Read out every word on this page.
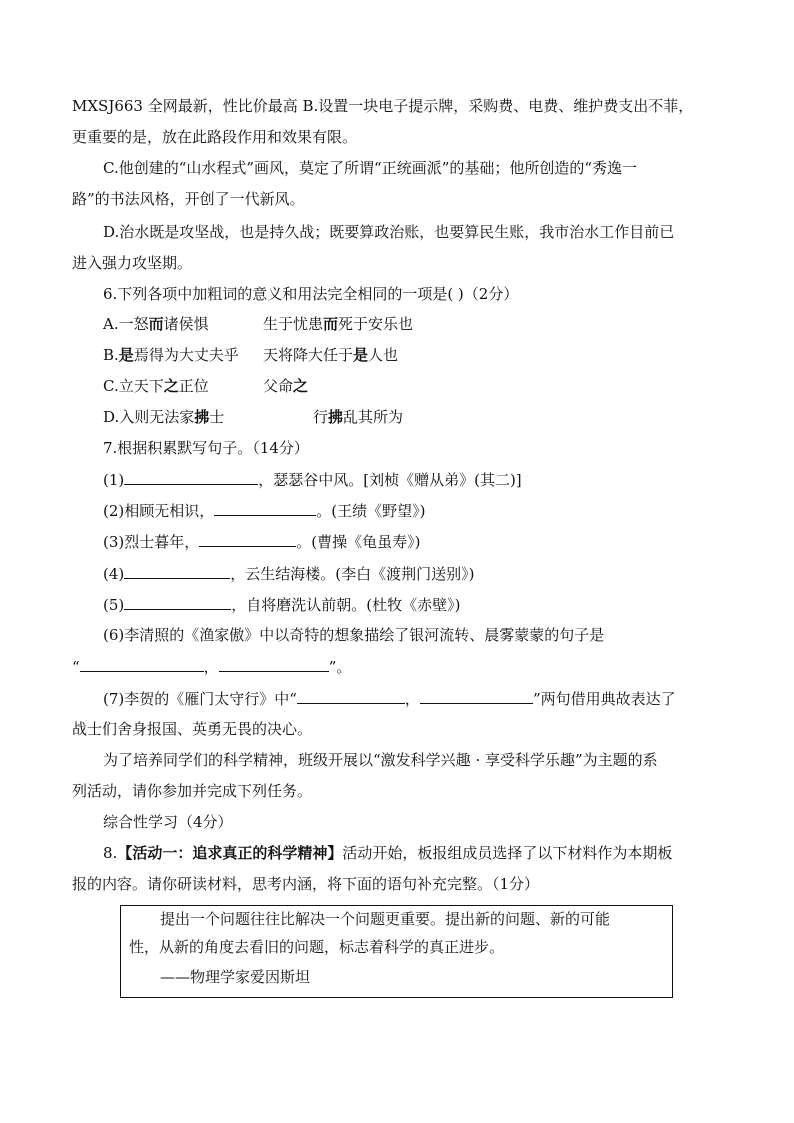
MXSJ663 全网最新，性比价最高 B.设置一块电子提示牌，采购费、电费、维护费支出不菲，
更重要的是，放在此路段作用和效果有限。
C.他创建的“山水程式”画风，莫定了所谓“正统画派”的基础；他所创造的“秀逸一
路”的书法风格，开创了一代新风。
D.治水既是攻坚战，也是持久战；既要算政治账，也要算民生账，我市治水工作目前已
进入强力攻坚期。
6.下列各项中加粗词的意义和用法完全相同的一项是( )（2分）
A.一怒而诸侯惧	生于忧患而死于安乐也
B.是焉得为大丈夫乎 天将降大任于是人也
C.立天下之正位	父命之
D.入则无法家拂士	行拂乱其所为
7.根据积累默写句子。（14分）
(1)	，瑟瑟谷中风。[刘桢《赠从弟》(其二)]
(2)相顾无相识，	。(王绩《野望》)
(3)烈士暮年，	。(曹操《龟虽寿》)
(4)	，云生结海楼。(李白《渡荆门送别》)
(5)	，自将磨洗认前朝。(杜牧《赤壁》)
(6)李清照的《渔家傲》中以奇特的想象描绘了银河流转、晨雾蒙蒙的句子是
“	，	”。
(7)李贺的《雁门太守行》中“	，	”两句借用典故表达了
战士们舍身报国、英勇无畏的决心。
为了培养同学们的科学精神，班级开展以“激发科学兴趣 · 享受科学乐趣”为主题的系
列活动，请你参加并完成下列任务。
综合性学习（4分）
8.【活动一：追求真正的科学精神】活动开始，板报组成员选择了以下材料作为本期板
报的内容。请你研读材料，思考内涵，将下面的语句补充完整。（1分）
提出一个问题往往比解决一个问题更重要。提出新的问题、新的可能
性，从新的角度去看旧的问题，标志着科学的真正进步。
——物理学家爱因斯坦
